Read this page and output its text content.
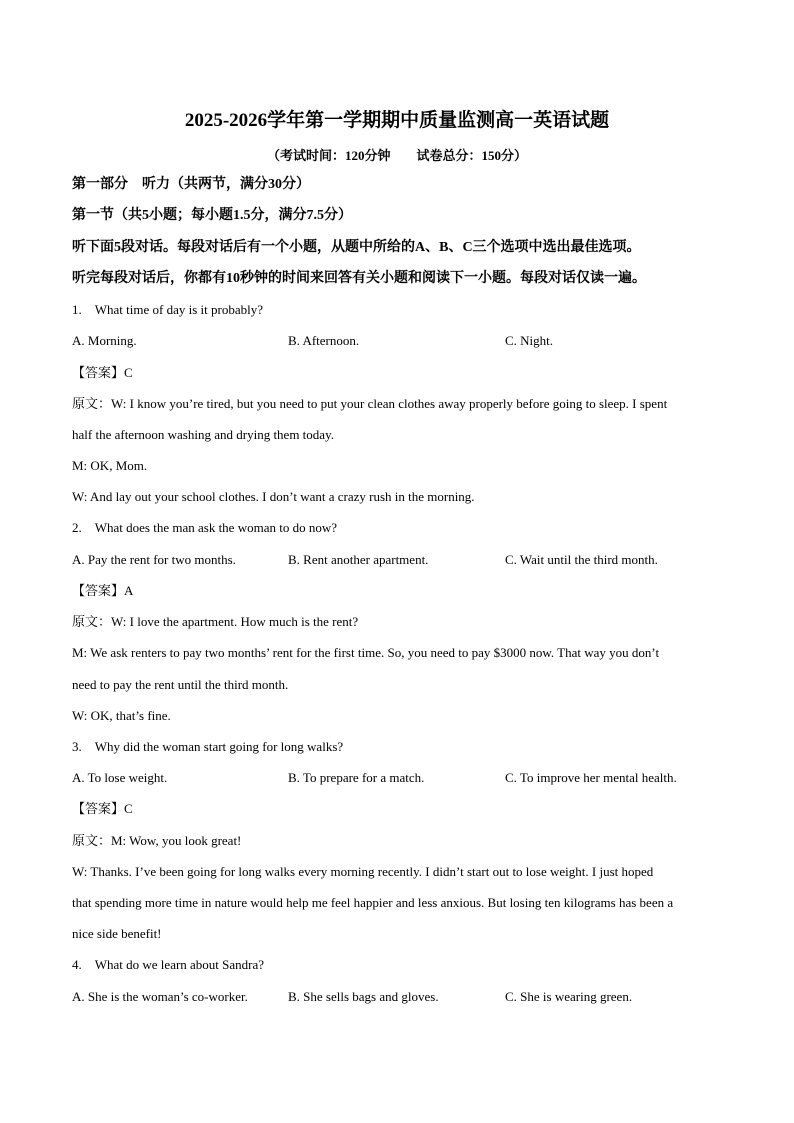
2025-2026学年第一学期期中质量监测高一英语试题
（考试时间：120分钟　　试卷总分：150分）
第一部分　听力（共两节，满分30分）
第一节（共5小题；每小题1.5分，满分7.5分）
听下面5段对话。每段对话后有一个小题，从题中所给的A、B、C三个选项中选出最佳选项。
听完每段对话后，你都有10秒钟的时间来回答有关小题和阅读下一小题。每段对话仅读一遍。
1.　What time of day is it probably?
A. Morning.	B. Afternoon.	C. Night.
【答案】C
原文：W: I know you’re tired, but you need to put your clean clothes away properly before going to sleep. I spent
half the afternoon washing and drying them today.
M: OK, Mom.
W: And lay out your school clothes. I don’t want a crazy rush in the morning.
2.　What does the man ask the woman to do now?
A. Pay the rent for two months.	B. Rent another apartment.	C. Wait until the third month.
【答案】A
原文：W: I love the apartment. How much is the rent?
M: We ask renters to pay two months’ rent for the first time. So, you need to pay $3000 now. That way you don’t
need to pay the rent until the third month.
W: OK, that’s fine.
3.　Why did the woman start going for long walks?
A. To lose weight.	B. To prepare for a match.	C. To improve her mental health.
【答案】C
原文：M: Wow, you look great!
W: Thanks. I’ve been going for long walks every morning recently. I didn’t start out to lose weight. I just hoped
that spending more time in nature would help me feel happier and less anxious. But losing ten kilograms has been a
nice side benefit!
4.　What do we learn about Sandra?
A. She is the woman’s co-worker.	B. She sells bags and gloves.	C. She is wearing green.
